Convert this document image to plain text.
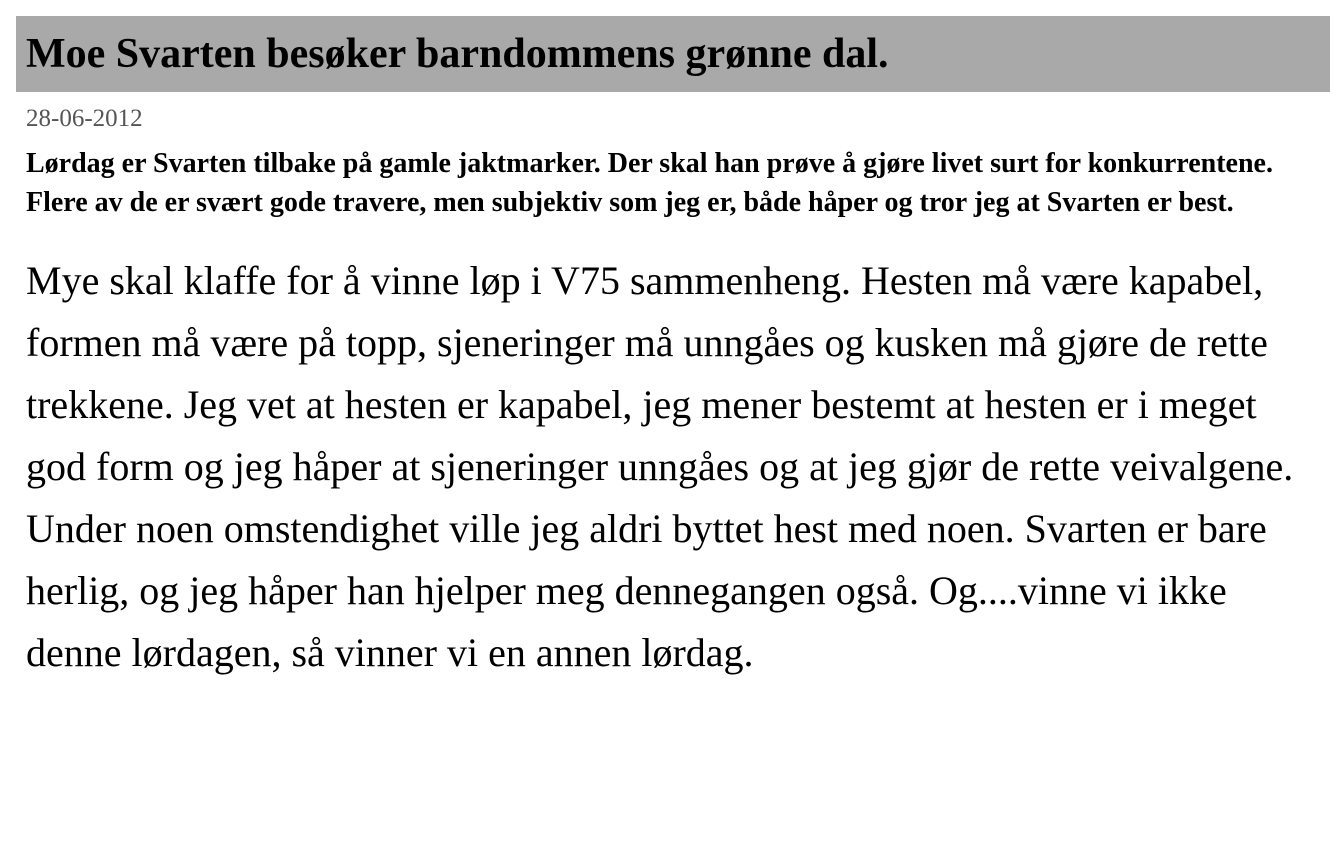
Moe Svarten besøker barndommens grønne dal.
28-06-2012

Lørdag er Svarten tilbake på gamle jaktmarker. Der skal han prøve å gjøre livet surt for konkurrentene. Flere av de er svært gode travere, men subjektiv som jeg er, både håper og tror jeg at Svarten er best.

Mye skal klaffe for å vinne løp i V75 sammenheng. Hesten må være kapabel, formen må være på topp, sjeneringer må unngåes og kusken må gjøre de rette trekkene. Jeg vet at hesten er kapabel, jeg mener bestemt at hesten er i meget god form og jeg håper at sjeneringer unngåes og at jeg gjør de rette veivalgene. Under noen omstendighet ville jeg aldri byttet hest med noen. Svarten er bare herlig, og jeg håper han hjelper meg dennegangen også. Og....vinne vi ikke denne lørdagen, så vinner vi en annen lørdag.
